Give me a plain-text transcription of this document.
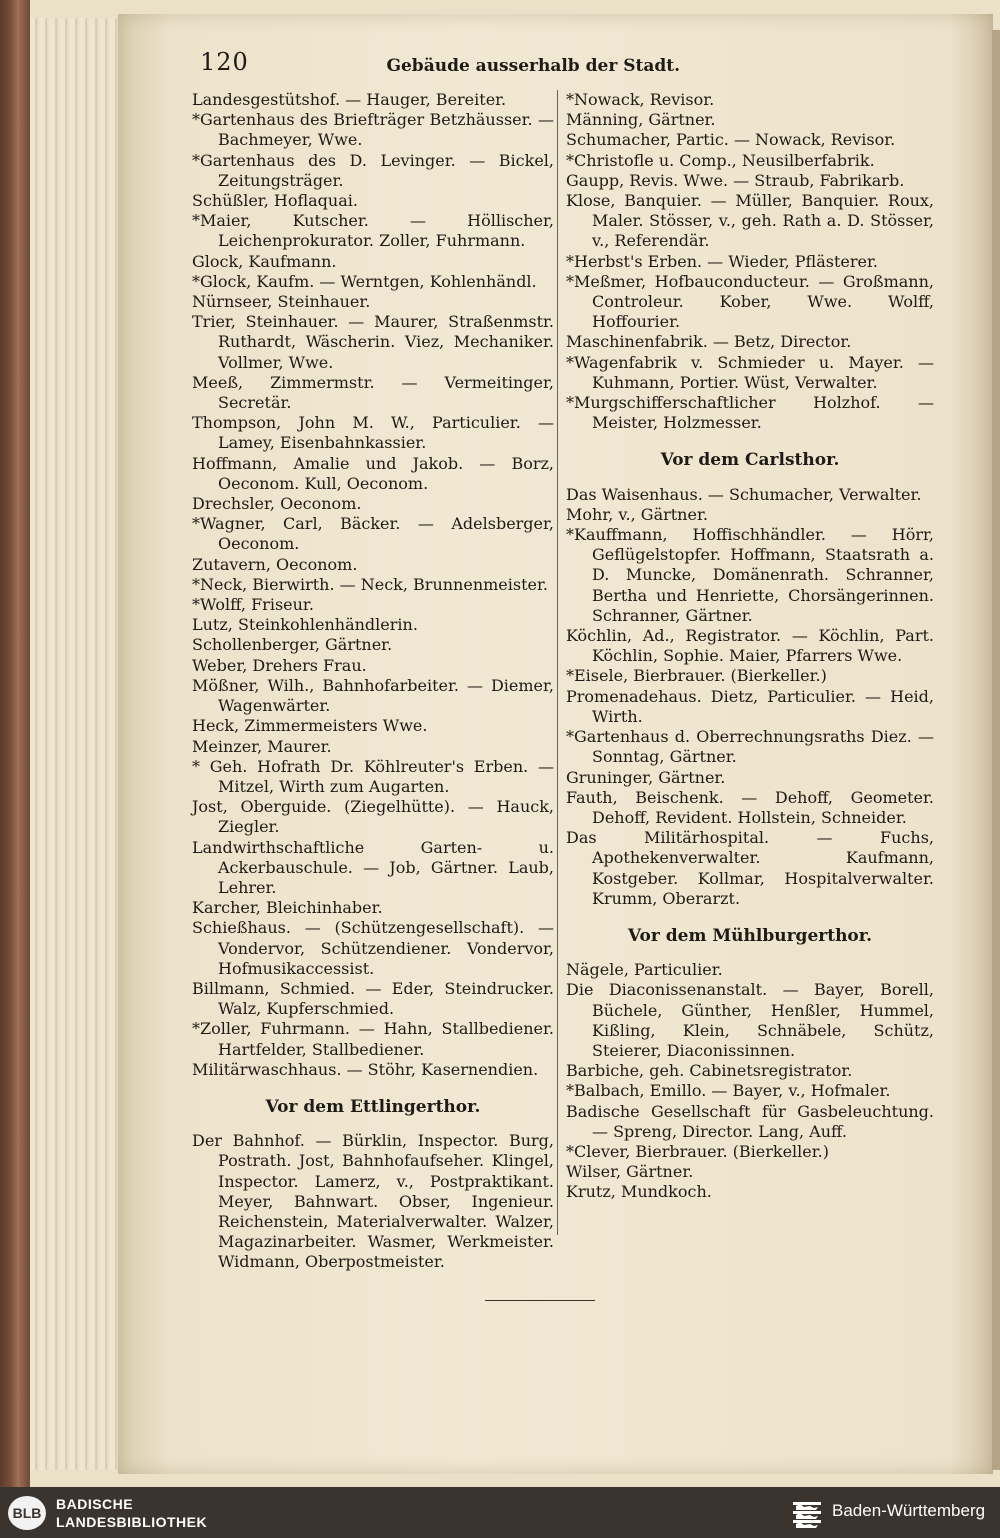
120	Gebäude ausserhalb der Stadt.

Landesgestütshof. — Hauger, Bereiter.

*Gartenhaus des Briefträger Betzhäusser. — Bachmeyer, Wwe.

*Gartenhaus des D. Levinger. — Bickel, Zeitungsträger.

Schüßler, Hoflaquai.

*Maier, Kutscher. — Höllischer, Leichenprokurator. Zoller, Fuhrmann.

Glock, Kaufmann.

*Glock, Kaufm. — Werntgen, Kohlenhändl.

Nürnseer, Steinhauer.

Trier, Steinhauer. — Maurer, Straßenmstr. Ruthardt, Wäscherin. Viez, Mechaniker. Vollmer, Wwe.

Meeß, Zimmermstr. — Vermeitinger, Secretär.

Thompson, John M. W., Particulier. — Lamey, Eisenbahnkassier.

Hoffmann, Amalie und Jakob. — Borz, Oeconom. Kull, Oeconom.

Drechsler, Oeconom.

*Wagner, Carl, Bäcker. — Adelsberger, Oeconom.

Zutavern, Oeconom.

*Neck, Bierwirth. — Neck, Brunnenmeister.

*Wolff, Friseur.

Lutz, Steinkohlenhändlerin.

Schollenberger, Gärtner.

Weber, Drehers Frau.

Mößner, Wilh., Bahnhofarbeiter. — Diemer, Wagenwärter.

Heck, Zimmermeisters Wwe.

Meinzer, Maurer.

* Geh. Hofrath Dr. Köhlreuter's Erben. — Mitzel, Wirth zum Augarten.

Jost, Oberguide. (Ziegelhütte). — Hauck, Ziegler.

Landwirthschaftliche Garten- u. Ackerbauschule. — Job, Gärtner. Laub, Lehrer.

Karcher, Bleichinhaber.

Schießhaus. — (Schützengesellschaft). — Vondervor, Schützendiener. Vondervor, Hofmusikaccessist.

Billmann, Schmied. — Eder, Steindrucker. Walz, Kupferschmied.

*Zoller, Fuhrmann. — Hahn, Stallbediener. Hartfelder, Stallbediener.

Militärwaschhaus. — Stöhr, Kasernendien.

Vor dem Ettlingerthor.

Der Bahnhof. — Bürklin, Inspector. Burg, Postrath. Jost, Bahnhofaufseher. Klingel, Inspector. Lamerz, v., Postpraktikant. Meyer, Bahnwart. Obser, Ingenieur. Reichenstein, Materialverwalter. Walzer, Magazinarbeiter. Wasmer, Werkmeister. Widmann, Oberpostmeister.

*Nowack, Revisor.

Männing, Gärtner.

Schumacher, Partic. — Nowack, Revisor.

*Christofle u. Comp., Neusilberfabrik.

Gaupp, Revis. Wwe. — Straub, Fabrikarb.

Klose, Banquier. — Müller, Banquier. Roux, Maler. Stösser, v., geh. Rath a. D. Stösser, v., Referendär.

*Herbst's Erben. — Wieder, Pflästerer.

*Meßmer, Hofbauconducteur. — Großmann, Controleur. Kober, Wwe. Wolff, Hoffourier.

Maschinenfabrik. — Betz, Director.

*Wagenfabrik v. Schmieder u. Mayer. — Kuhmann, Portier. Wüst, Verwalter.

*Murgschifferschaftlicher Holzhof. — Meister, Holzmesser.

Vor dem Carlsthor.

Das Waisenhaus. — Schumacher, Verwalter.

Mohr, v., Gärtner.

*Kauffmann, Hoffischhändler. — Hörr, Geflügelstopfer. Hoffmann, Staatsrath a. D. Muncke, Domänenrath. Schranner, Bertha und Henriette, Chorsängerinnen. Schranner, Gärtner.

Köchlin, Ad., Registrator. — Köchlin, Part. Köchlin, Sophie. Maier, Pfarrers Wwe.

*Eisele, Bierbrauer. (Bierkeller.)

Promenadehaus. Dietz, Particulier. — Heid, Wirth.

*Gartenhaus d. Oberrechnungsraths Diez. — Sonntag, Gärtner.

Gruninger, Gärtner.

Fauth, Beischenk. — Dehoff, Geometer. Dehoff, Revident. Hollstein, Schneider.

Das Militärhospital. — Fuchs, Apothekenverwalter. Kaufmann, Kostgeber. Kollmar, Hospitalverwalter. Krumm, Oberarzt.

Vor dem Mühlburgerthor.

Nägele, Particulier.

Die Diaconissenanstalt. — Bayer, Borell, Büchele, Günther, Henßler, Hummel, Kißling, Klein, Schnäbele, Schütz, Steierer, Diaconissinnen.

Barbiche, geh. Cabinetsregistrator.

*Balbach, Emillo. — Bayer, v., Hofmaler.

Badische Gesellschaft für Gasbeleuchtung. — Spreng, Director. Lang, Auff.

*Clever, Bierbrauer. (Bierkeller.)

Wilser, Gärtner.

Krutz, Mundkoch.

BLB
BADISCHE
LANDESBIBLIOTHEK
Baden-Württemberg
